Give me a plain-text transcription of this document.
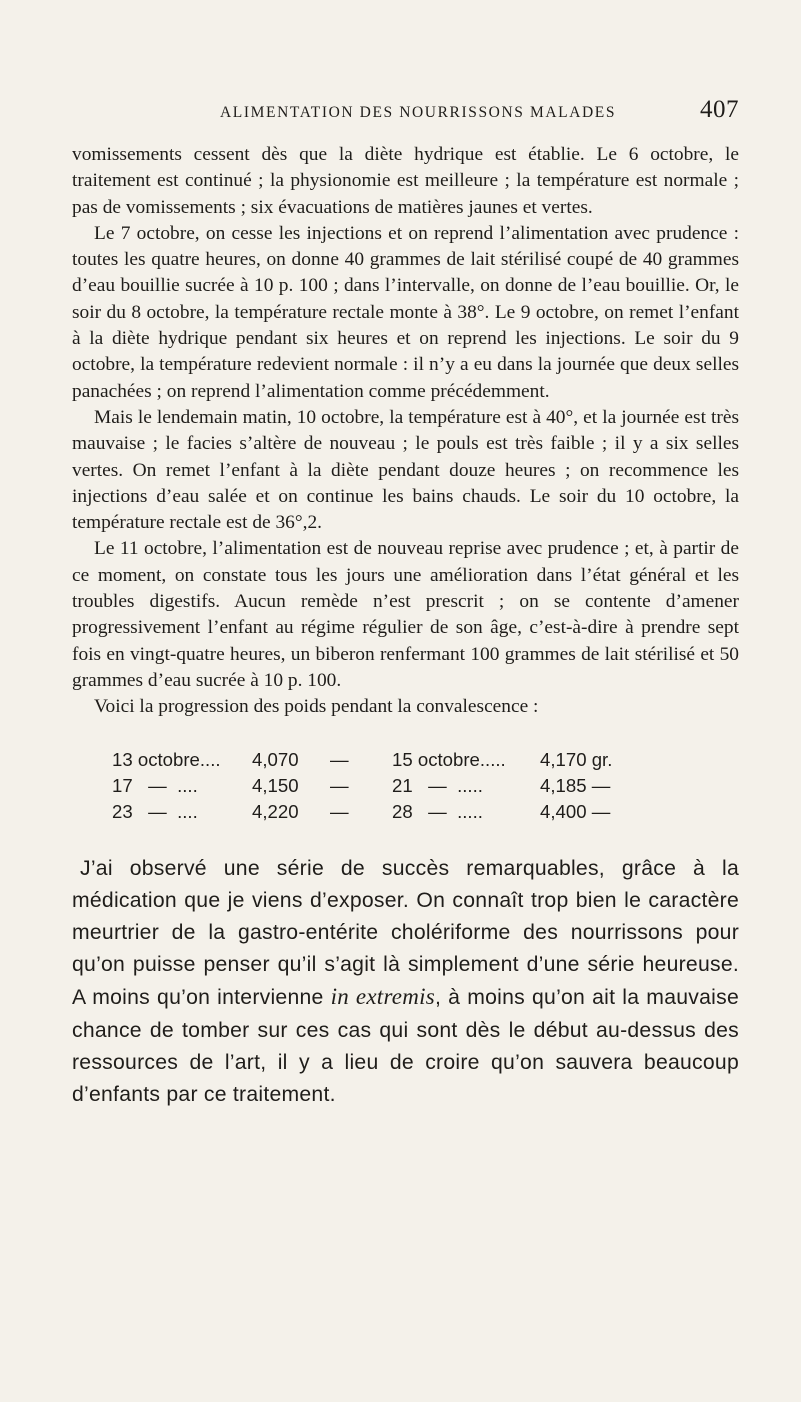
ALIMENTATION DES NOURRISSONS MALADES	407

vomissements cessent dès que la diète hydrique est établie. Le 6 octobre, le traitement est continué ; la physionomie est meilleure ; la température est normale ; pas de vomissements ; six évacuations de matières jaunes et vertes.

Le 7 octobre, on cesse les injections et on reprend l’alimentation avec prudence : toutes les quatre heures, on donne 40 grammes de lait stérilisé coupé de 40 grammes d’eau bouillie sucrée à 10 p. 100 ; dans l’intervalle, on donne de l’eau bouillie. Or, le soir du 8 octobre, la température rectale monte à 38°. Le 9 octobre, on remet l’enfant à la diète hydrique pendant six heures et on reprend les injections. Le soir du 9 octobre, la température redevient normale : il n’y a eu dans la journée que deux selles panachées ; on reprend l’alimentation comme précédemment.

Mais le lendemain matin, 10 octobre, la température est à 40°, et la journée est très mauvaise ; le facies s’altère de nouveau ; le pouls est très faible ; il y a six selles vertes. On remet l’enfant à la diète pendant douze heures ; on recommence les injections d’eau salée et on continue les bains chauds. Le soir du 10 octobre, la température rectale est de 36°,2.

Le 11 octobre, l’alimentation est de nouveau reprise avec prudence ; et, à partir de ce moment, on constate tous les jours une amélioration dans l’état général et les troubles digestifs. Aucun remède n’est prescrit ; on se contente d’amener progressivement l’enfant au régime régulier de son âge, c’est-à-dire à prendre sept fois en vingt-quatre heures, un biberon renfermant 100 grammes de lait stérilisé et 50 grammes d’eau sucrée à 10 p. 100.

Voici la progression des poids pendant la convalescence :

13 octobre....	4,070	—	15 octobre.....	4,170 gr.
17   —  ....	4,150	—	21   —  .....	4,185 —
23   —  ....	4,220	—	28   —  .....	4,400 —

J’ai observé une série de succès remarquables, grâce à la médication que je viens d’exposer. On connaît trop bien le caractère meurtrier de la gastro-entérite cholériforme des nourrissons pour qu’on puisse penser qu’il s’agit là simplement d’une série heureuse. A moins qu’on intervienne in extremis, à moins qu’on ait la mauvaise chance de tomber sur ces cas qui sont dès le début au-dessus des ressources de l’art, il y a lieu de croire qu’on sauvera beaucoup d’enfants par ce traitement.
